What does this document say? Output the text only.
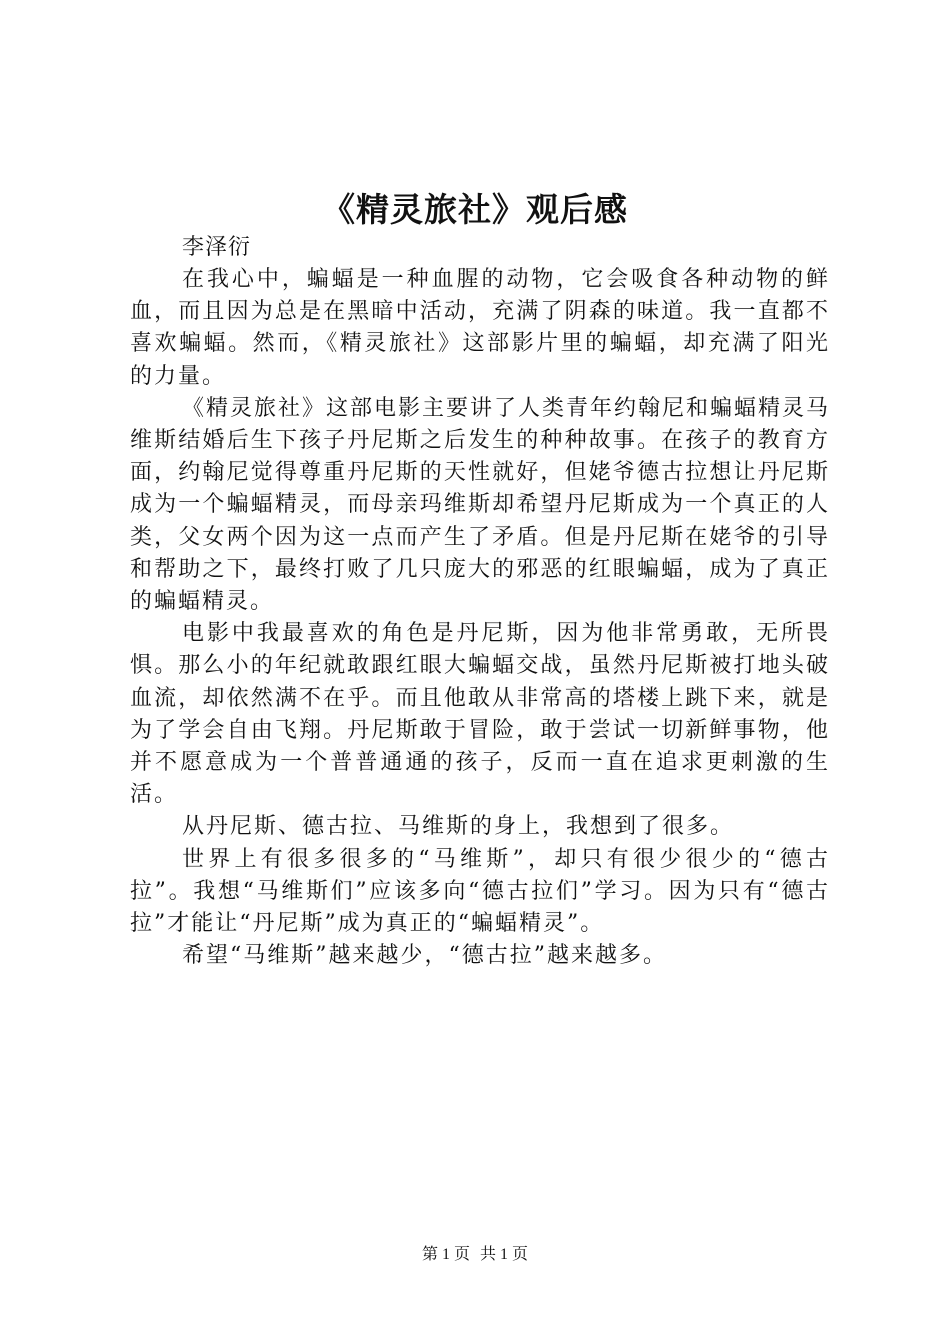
《精灵旅社》观后感

李泽衍

在我心中，蝙蝠是一种血腥的动物，它会吸食各种动物的鲜血，而且因为总是在黑暗中活动，充满了阴森的味道。我一直都不喜欢蝙蝠。然而，《精灵旅社》这部影片里的蝙蝠，却充满了阳光的力量。

《精灵旅社》这部电影主要讲了人类青年约翰尼和蝙蝠精灵马维斯结婚后生下孩子丹尼斯之后发生的种种故事。在孩子的教育方面，约翰尼觉得尊重丹尼斯的天性就好，但姥爷德古拉想让丹尼斯成为一个蝙蝠精灵，而母亲玛维斯却希望丹尼斯成为一个真正的人类，父女两个因为这一点而产生了矛盾。但是丹尼斯在姥爷的引导和帮助之下，最终打败了几只庞大的邪恶的红眼蝙蝠，成为了真正的蝙蝠精灵。

电影中我最喜欢的角色是丹尼斯，因为他非常勇敢，无所畏惧。那么小的年纪就敢跟红眼大蝙蝠交战，虽然丹尼斯被打地头破血流，却依然满不在乎。而且他敢从非常高的塔楼上跳下来，就是为了学会自由飞翔。丹尼斯敢于冒险，敢于尝试一切新鲜事物，他并不愿意成为一个普普通通的孩子，反而一直在追求更刺激的生活。

从丹尼斯、德古拉、马维斯的身上，我想到了很多。

世界上有很多很多的“马维斯”，却只有很少很少的“德古拉”。我想“马维斯们”应该多向“德古拉们”学习。因为只有“德古拉”才能让“丹尼斯”成为真正的“蝙蝠精灵”。

希望“马维斯”越来越少，“德古拉”越来越多。

第 1 页 共 1 页
